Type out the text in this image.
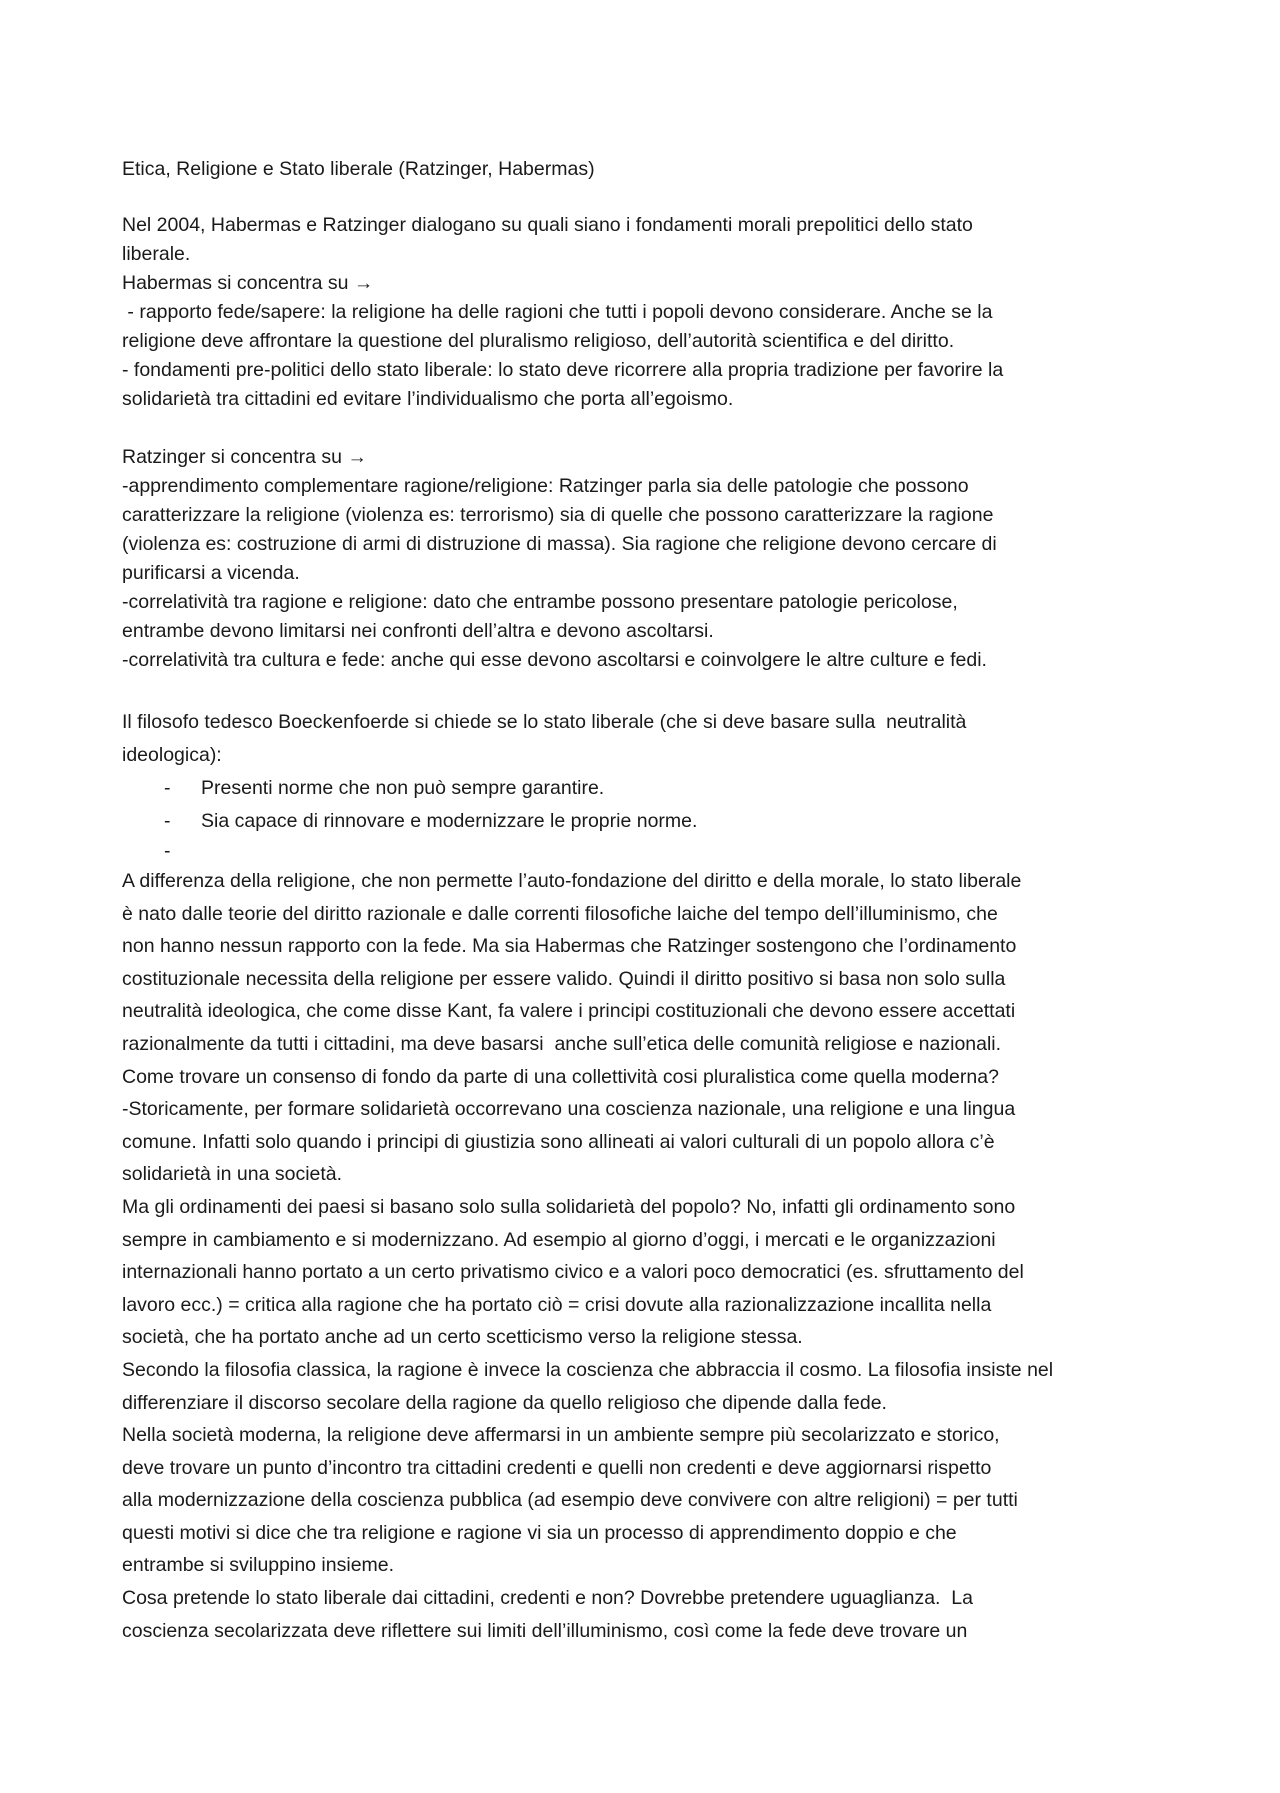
Etica, Religione e Stato liberale (Ratzinger, Habermas)

Nel 2004, Habermas e Ratzinger dialogano su quali siano i fondamenti morali prepolitici dello stato

liberale.

Habermas si concentra su →

- rapporto fede/sapere: la religione ha delle ragioni che tutti i popoli devono considerare. Anche se la

religione deve affrontare la questione del pluralismo religioso, dell’autorità scientifica e del diritto.

- fondamenti pre-politici dello stato liberale: lo stato deve ricorrere alla propria tradizione per favorire la

solidarietà tra cittadini ed evitare l’individualismo che porta all’egoismo.

Ratzinger si concentra su →

-apprendimento complementare ragione/religione: Ratzinger parla sia delle patologie che possono

caratterizzare la religione (violenza es: terrorismo) sia di quelle che possono caratterizzare la ragione

(violenza es: costruzione di armi di distruzione di massa). Sia ragione che religione devono cercare di

purificarsi a vicenda.

-correlatività tra ragione e religione: dato che entrambe possono presentare patologie pericolose,

entrambe devono limitarsi nei confronti dell’altra e devono ascoltarsi.

-correlatività tra cultura e fede: anche qui esse devono ascoltarsi e coinvolgere le altre culture e fedi.

Il filosofo tedesco Boeckenfoerde si chiede se lo stato liberale (che si deve basare sulla  neutralità

ideologica):

- Presenti norme che non può sempre garantire.
- Sia capace di rinnovare e modernizzare le proprie norme.
-

A differenza della religione, che non permette l’auto-fondazione del diritto e della morale, lo stato liberale

è nato dalle teorie del diritto razionale e dalle correnti filosofiche laiche del tempo dell’illuminismo, che

non hanno nessun rapporto con la fede. Ma sia Habermas che Ratzinger sostengono che l’ordinamento

costituzionale necessita della religione per essere valido. Quindi il diritto positivo si basa non solo sulla

neutralità ideologica, che come disse Kant, fa valere i principi costituzionali che devono essere accettati

razionalmente da tutti i cittadini, ma deve basarsi  anche sull’etica delle comunità religiose e nazionali.

Come trovare un consenso di fondo da parte di una collettività cosi pluralistica come quella moderna?

-Storicamente, per formare solidarietà occorrevano una coscienza nazionale, una religione e una lingua

comune. Infatti solo quando i principi di giustizia sono allineati ai valori culturali di un popolo allora c’è

solidarietà in una società.

Ma gli ordinamenti dei paesi si basano solo sulla solidarietà del popolo? No, infatti gli ordinamento sono

sempre in cambiamento e si modernizzano. Ad esempio al giorno d’oggi, i mercati e le organizzazioni

internazionali hanno portato a un certo privatismo civico e a valori poco democratici (es. sfruttamento del

lavoro ecc.) = critica alla ragione che ha portato ciò = crisi dovute alla razionalizzazione incallita nella

società, che ha portato anche ad un certo scetticismo verso la religione stessa.

Secondo la filosofia classica, la ragione è invece la coscienza che abbraccia il cosmo. La filosofia insiste nel

differenziare il discorso secolare della ragione da quello religioso che dipende dalla fede.

Nella società moderna, la religione deve affermarsi in un ambiente sempre più secolarizzato e storico,

deve trovare un punto d’incontro tra cittadini credenti e quelli non credenti e deve aggiornarsi rispetto

alla modernizzazione della coscienza pubblica (ad esempio deve convivere con altre religioni) = per tutti

questi motivi si dice che tra religione e ragione vi sia un processo di apprendimento doppio e che

entrambe si sviluppino insieme.

Cosa pretende lo stato liberale dai cittadini, credenti e non? Dovrebbe pretendere uguaglianza.  La

coscienza secolarizzata deve riflettere sui limiti dell’illuminismo, così come la fede deve trovare un
